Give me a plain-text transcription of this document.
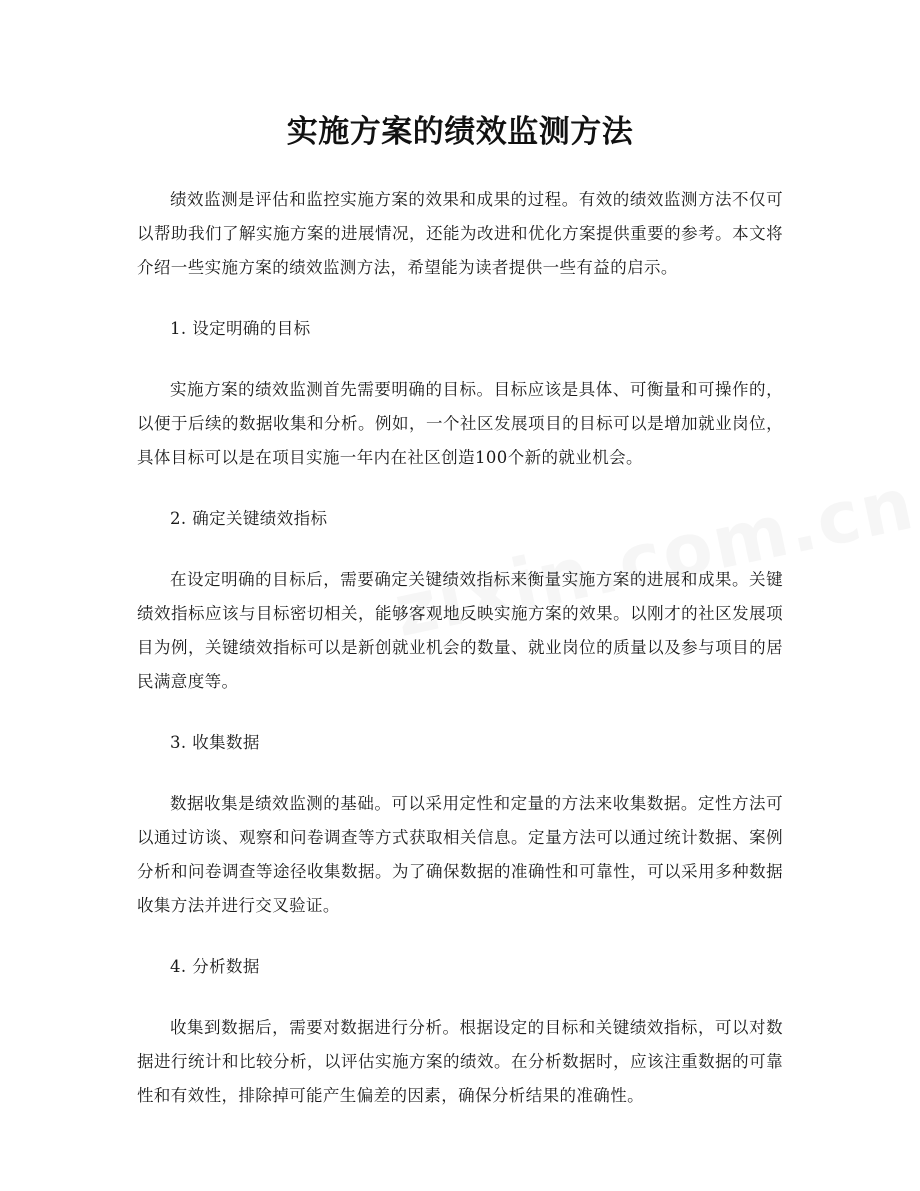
实施方案的绩效监测方法

绩效监测是评估和监控实施方案的效果和成果的过程。有效的绩效监测方法不仅可以帮助我们了解实施方案的进展情况，还能为改进和优化方案提供重要的参考。本文将介绍一些实施方案的绩效监测方法，希望能为读者提供一些有益的启示。

1. 设定明确的目标

实施方案的绩效监测首先需要明确的目标。目标应该是具体、可衡量和可操作的，以便于后续的数据收集和分析。例如，一个社区发展项目的目标可以是增加就业岗位，具体目标可以是在项目实施一年内在社区创造100个新的就业机会。

2. 确定关键绩效指标

在设定明确的目标后，需要确定关键绩效指标来衡量实施方案的进展和成果。关键绩效指标应该与目标密切相关，能够客观地反映实施方案的效果。以刚才的社区发展项目为例，关键绩效指标可以是新创就业机会的数量、就业岗位的质量以及参与项目的居民满意度等。

3. 收集数据

数据收集是绩效监测的基础。可以采用定性和定量的方法来收集数据。定性方法可以通过访谈、观察和问卷调查等方式获取相关信息。定量方法可以通过统计数据、案例分析和问卷调查等途径收集数据。为了确保数据的准确性和可靠性，可以采用多种数据收集方法并进行交叉验证。

4. 分析数据

收集到数据后，需要对数据进行分析。根据设定的目标和关键绩效指标，可以对数据进行统计和比较分析，以评估实施方案的绩效。在分析数据时，应该注重数据的可靠性和有效性，排除掉可能产生偏差的因素，确保分析结果的准确性。
